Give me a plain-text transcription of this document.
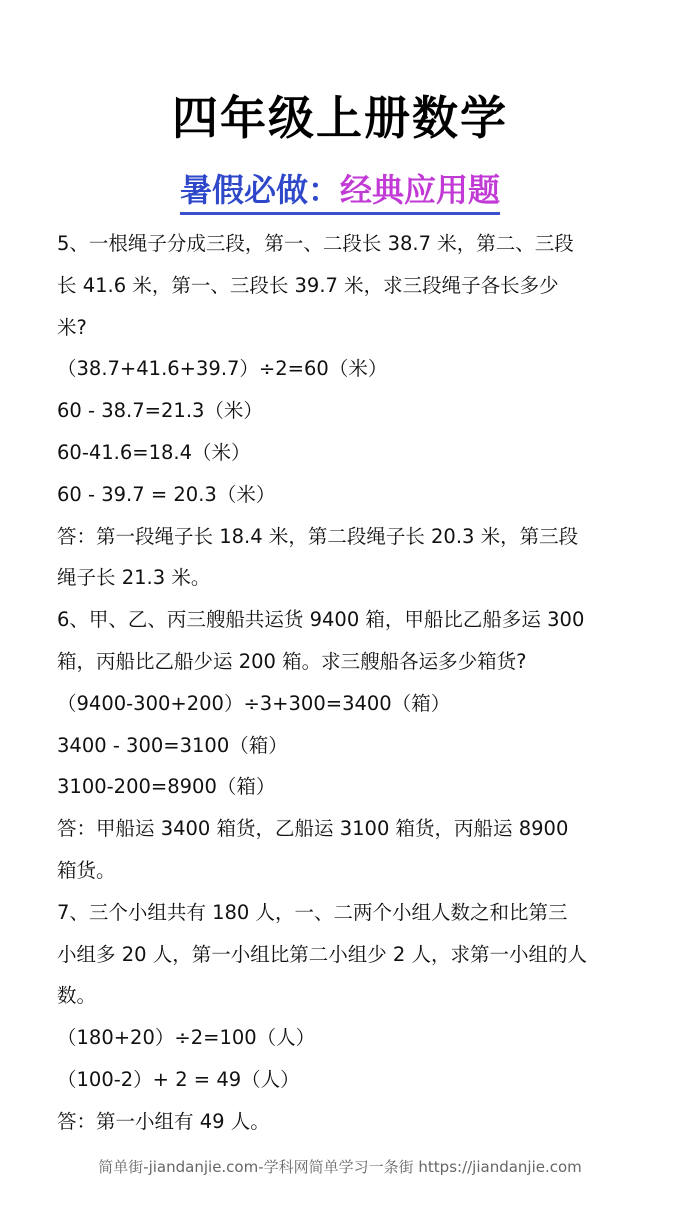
四年级上册数学
暑假必做：经典应用题
5、一根绳子分成三段，第一、二段长 38.7 米，第二、三段
长 41.6 米，第一、三段长 39.7 米，求三段绳子各长多少
米?
（38.7+41.6+39.7）÷2=60（米）
60 - 38.7=21.3（米）
60-41.6=18.4（米）
60 - 39.7 = 20.3（米）
答：第一段绳子长 18.4 米，第二段绳子长 20.3 米，第三段
绳子长 21.3 米。
6、甲、乙、丙三艘船共运货 9400 箱，甲船比乙船多运 300
箱，丙船比乙船少运 200 箱。求三艘船各运多少箱货?
（9400-300+200）÷3+300=3400（箱）
3400 - 300=3100（箱）
3100-200=8900（箱）
答：甲船运 3400 箱货，乙船运 3100 箱货，丙船运 8900
箱货。
7、三个小组共有 180 人，一、二两个小组人数之和比第三
小组多 20 人，第一小组比第二小组少 2 人，求第一小组的人
数。
（180+20）÷2=100（人）
（100-2）+ 2 = 49（人）
答：第一小组有 49 人。
简单街-jiandanjie.com-学科网简单学习一条街 https://jiandanjie.com
